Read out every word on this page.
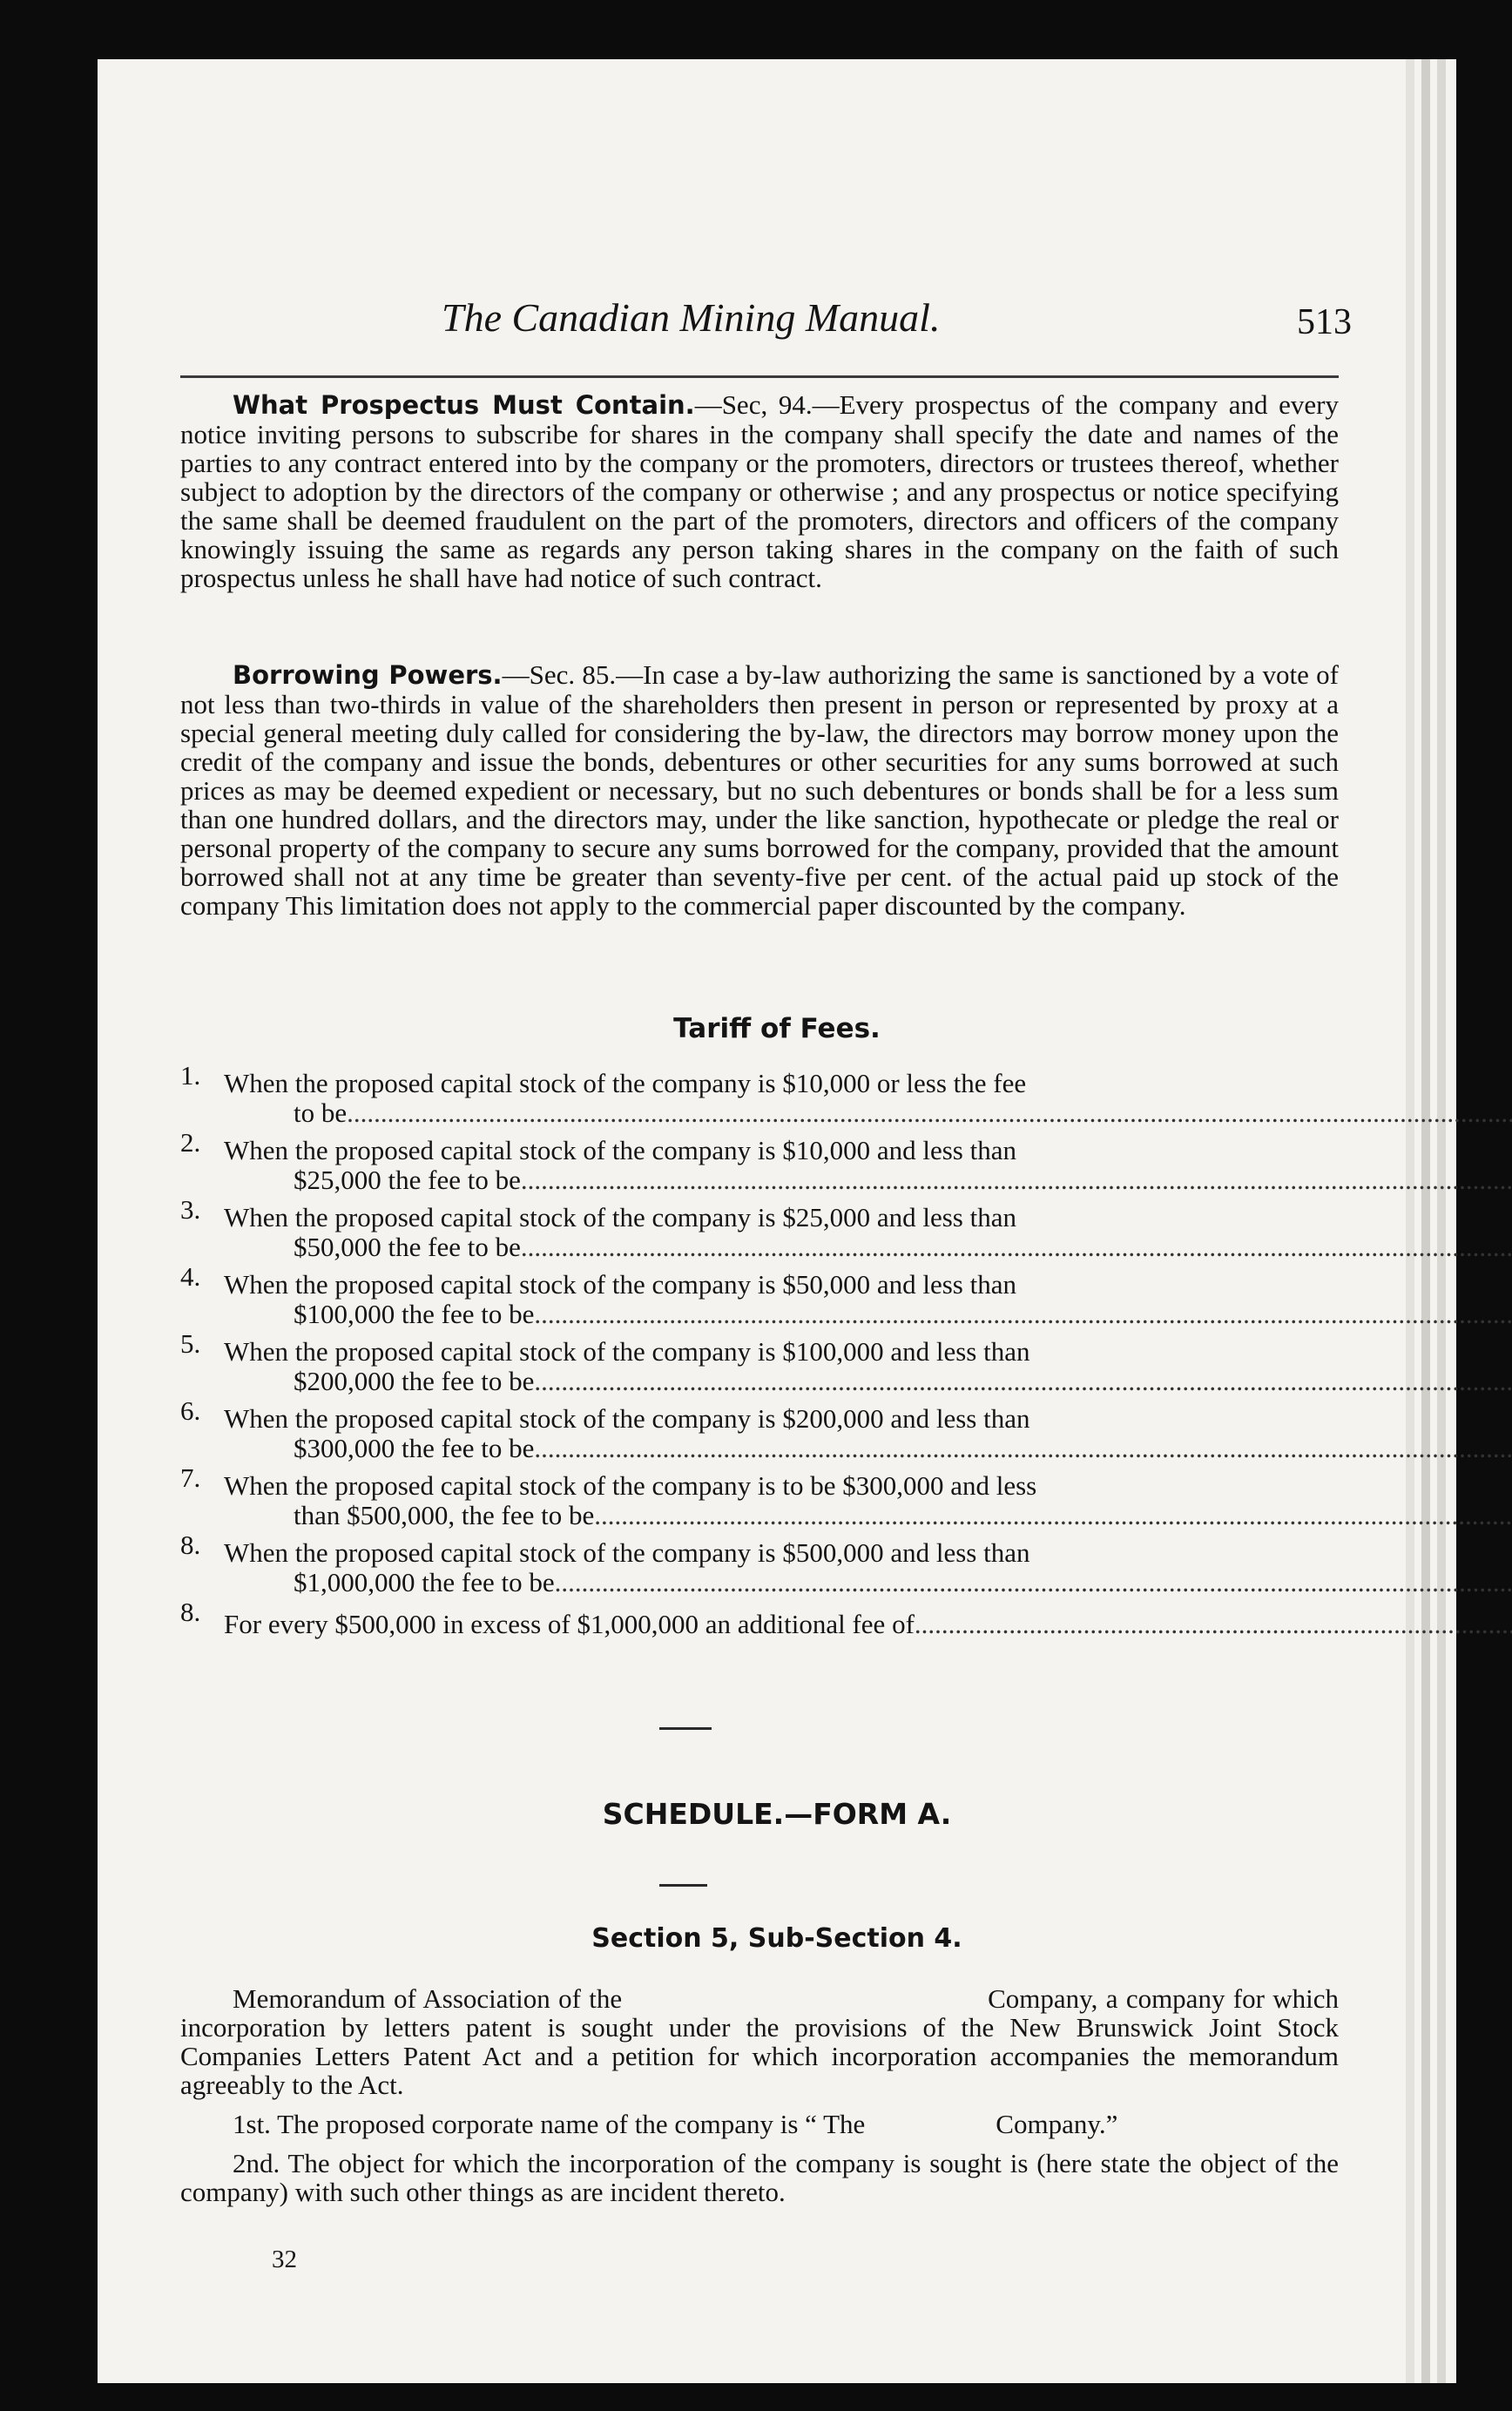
The Canadian Mining Manual.	513
What Prospectus Must Contain.—Sec, 94.—Every prospectus of the company and every notice inviting persons to subscribe for shares in the company shall specify the date and names of the parties to any contract entered into by the company or the promoters, directors or trustees thereof, whether subject to adoption by the directors of the company or otherwise ; and any prospectus or notice specifying the same shall be deemed fraudulent on the part of the promoters, directors and officers of the company knowingly issuing the same as regards any person taking shares in the company on the faith of such prospectus unless he shall have had notice of such contract.
Borrowing Powers.—Sec. 85.—In case a by-law authorizing the same is sanctioned by a vote of not less than two-thirds in value of the shareholders then present in person or represented by proxy at a special general meeting duly called for considering the by-law, the directors may borrow money upon the credit of the company and issue the bonds, debentures or other securities for any sums borrowed at such prices as may be deemed expedient or necessary, but no such debentures or bonds shall be for a less sum than one hundred dollars, and the directors may, under the like sanction, hypothecate or pledge the real or personal property of the company to secure any sums borrowed for the company, provided that the amount borrowed shall not at any time be greater than seventy-five per cent. of the actual paid up stock of the company This limitation does not apply to the commercial paper discounted by the company.
Tariff of Fees.
1. When the proposed capital stock of the company is $10,000 or less the fee
to be
.....
2. When the proposed capital stock of the company is $10,000 and less than
$25,000 the fee to be
.....
3. When the proposed capital stock of the company is $25,000 and less than
$50,000 the fee to be
.....
4. When the proposed capital stock of the company is $50,000 and less than
$100,000 the fee to be
.....
5. When the proposed capital stock of the company is $100,000 and less than
$200,000 the fee to be
.....
6. When the proposed capital stock of the company is $200,000 and less than
$300,000 the fee to be
.....
7. When the proposed capital stock of the company is to be $300,000 and less
than $500,000, the fee to be
.....
8. When the proposed capital stock of the company is $500,000 and less than
$1,000,000 the fee to be
.....
8. For every $500,000 in excess of $1,000,000 an additional fee of
.....
SCHEDULE.—FORM A.
Section 5, Sub-Section 4.

Memorandum of Association of the	Company, a company for which incorporation by letters patent is sought under the provisions of the New Brunswick Joint Stock Companies Letters Patent Act and a petition for which incorporation accompanies the memorandum agreeably to the Act.

1st. The proposed corporate name of the company is “ The	Company.”

2nd. The object for which the incorporation of the company is sought is (here state the object of the company) with such other things as are incident thereto.

32
